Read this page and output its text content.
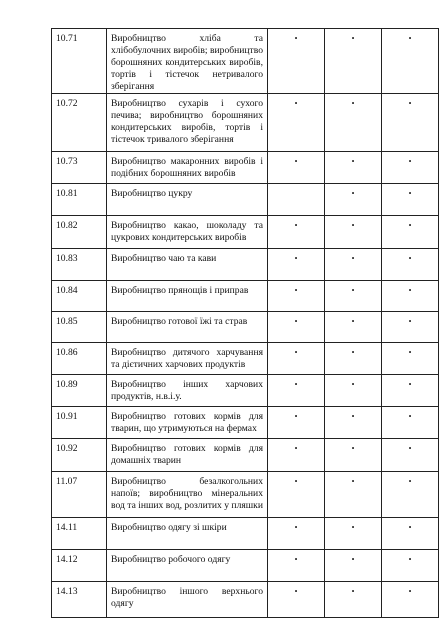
10.71	Виробництво хліба та хлібобулочних виробів; виробництво борошняних кондитерських виробів, тортів і тістечок нетривалого зберігання	•	•	•
10.72	Виробництво сухарів і сухого печива; виробництво борошняних кондитерських виробів, тортів і тістечок тривалого зберігання	•	•	•
10.73	Виробництво макаронних виробів і подібних борошняних виробів	•	•	•
10.81	Виробництво цукру		•	•
10.82	Виробництво какао, шоколаду та цукрових кондитерських виробів	•	•	•
10.83	Виробництво чаю та кави	•	•	•
10.84	Виробництво прянощів і приправ	•	•	•
10.85	Виробництво готової їжі та страв	•	•	•
10.86	Виробництво дитячого харчування та дієтичних харчових продуктів	•	•	•
10.89	Виробництво інших харчових продуктів, н.в.і.у.	•	•	•
10.91	Виробництво готових кормів для тварин, що утримуються на фермах	•	•	•
10.92	Виробництво готових кормів для домашніх тварин	•	•	•
11.07	Виробництво безалкогольних напоїв; виробництво мінеральних вод та інших вод, розлитих у пляшки	•	•	•
14.11	Виробництво одягу зі шкіри	•	•	•
14.12	Виробництво робочого одягу	•	•	•
14.13	Виробництво іншого верхнього одягу	•	•	•
